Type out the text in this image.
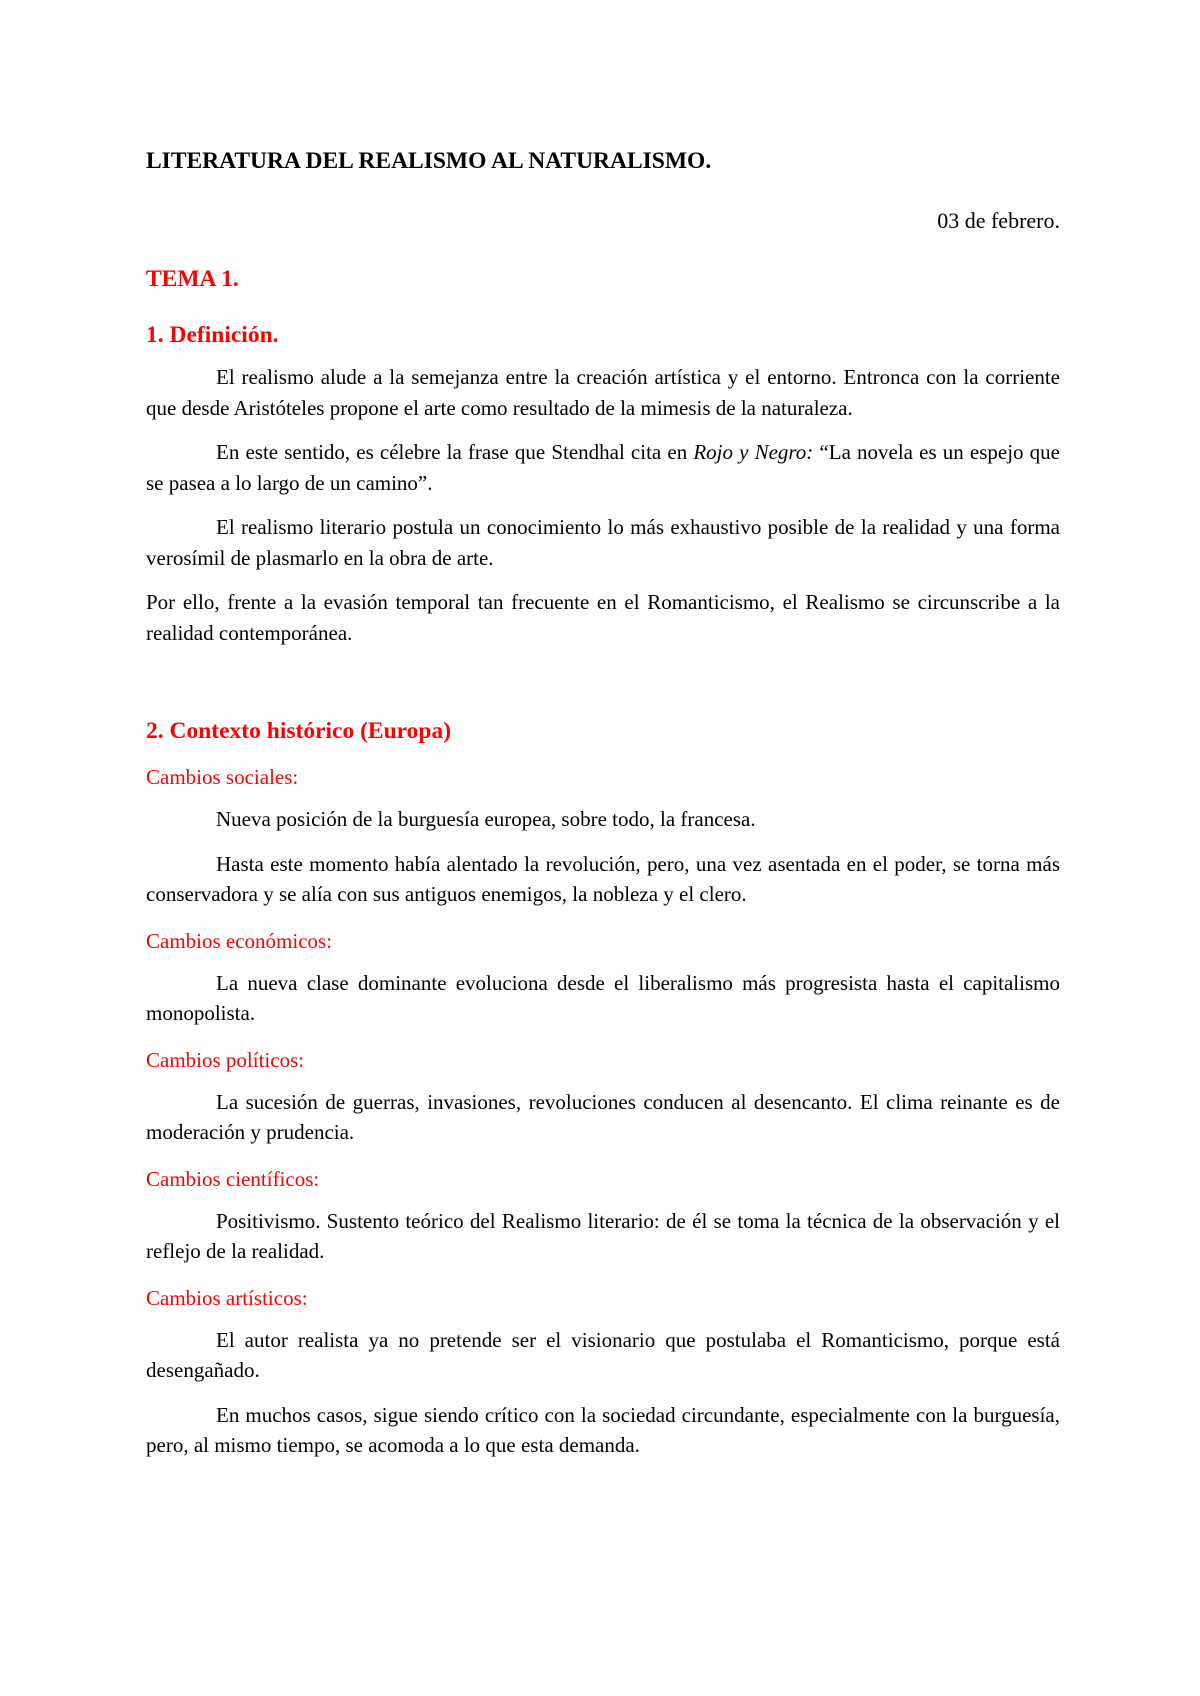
LITERATURA DEL REALISMO AL NATURALISMO.
03 de febrero.
TEMA 1.
1. Definición.

El realismo alude a la semejanza entre la creación artística y el entorno. Entronca con la corriente que desde Aristóteles propone el arte como resultado de la mimesis de la naturaleza.

En este sentido, es célebre la frase que Stendhal cita en Rojo y Negro: “La novela es un espejo que se pasea a lo largo de un camino”.

El realismo literario postula un conocimiento lo más exhaustivo posible de la realidad y una forma verosímil de plasmarlo en la obra de arte.

Por ello, frente a la evasión temporal tan frecuente en el Romanticismo, el Realismo se circunscribe a la realidad contemporánea.

2. Contexto histórico (Europa)
Cambios sociales:

Nueva posición de la burguesía europea, sobre todo, la francesa.

Hasta este momento había alentado la revolución, pero, una vez asentada en el poder, se torna más conservadora y se alía con sus antiguos enemigos, la nobleza y el clero.

Cambios económicos:

La nueva clase dominante evoluciona desde el liberalismo más progresista hasta el capitalismo monopolista.

Cambios políticos:

La sucesión de guerras, invasiones, revoluciones conducen al desencanto. El clima reinante es de moderación y prudencia.

Cambios científicos:

Positivismo. Sustento teórico del Realismo literario: de él se toma la técnica de la observación y el reflejo de la realidad.

Cambios artísticos:

El autor realista ya no pretende ser el visionario que postulaba el Romanticismo, porque está desengañado.

En muchos casos, sigue siendo crítico con la sociedad circundante, especialmente con la burguesía, pero, al mismo tiempo, se acomoda a lo que esta demanda.
